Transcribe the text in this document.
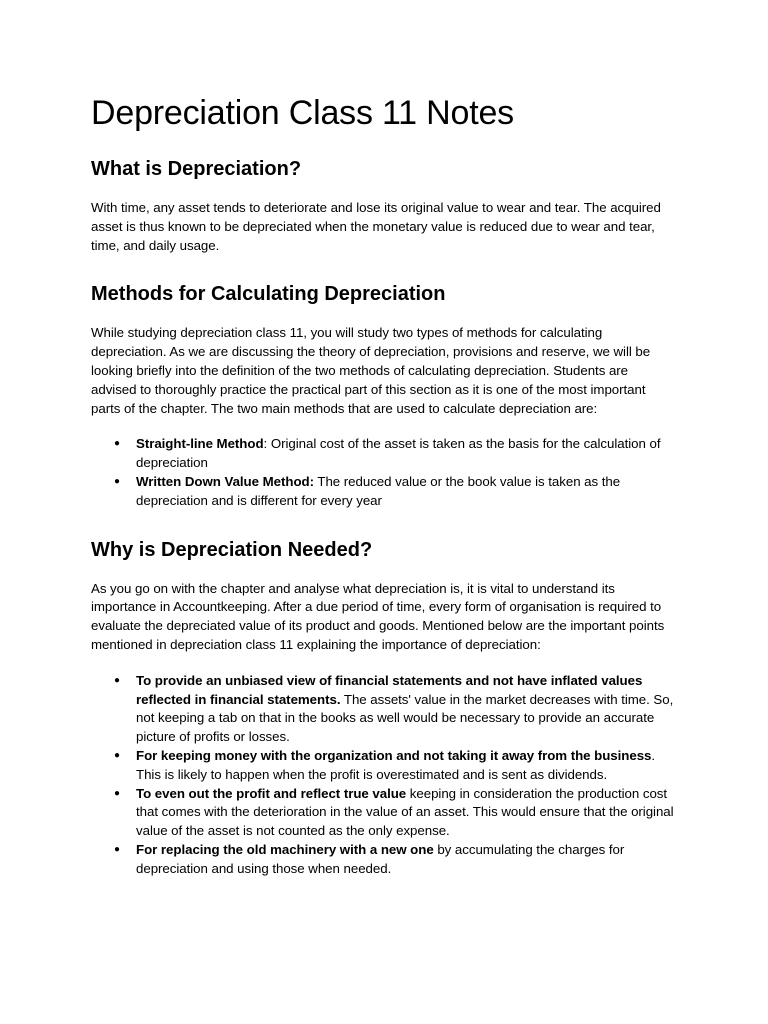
Depreciation Class 11 Notes
What is Depreciation?

With time, any asset tends to deteriorate and lose its original value to wear and tear. The acquired asset is thus known to be depreciated when the monetary value is reduced due to wear and tear, time, and daily usage.

Methods for Calculating Depreciation

While studying depreciation class 11, you will study two types of methods for calculating depreciation. As we are discussing the theory of depreciation, provisions and reserve, we will be looking briefly into the definition of the two methods of calculating depreciation. Students are advised to thoroughly practice the practical part of this section as it is one of the most important parts of the chapter. The two main methods that are used to calculate depreciation are:

● Straight-line Method: Original cost of the asset is taken as the basis for the calculation of depreciation
● Written Down Value Method: The reduced value or the book value is taken as the depreciation and is different for every year
Why is Depreciation Needed?

As you go on with the chapter and analyse what depreciation is, it is vital to understand its importance in Accountkeeping. After a due period of time, every form of organisation is required to evaluate the depreciated value of its product and goods. Mentioned below are the important points mentioned in depreciation class 11 explaining the importance of depreciation:

● To provide an unbiased view of financial statements and not have inflated values reflected in financial statements. The assets' value in the market decreases with time. So, not keeping a tab on that in the books as well would be necessary to provide an accurate picture of profits or losses.
● For keeping money with the organization and not taking it away from the business. This is likely to happen when the profit is overestimated and is sent as dividends.
● To even out the profit and reflect true value keeping in consideration the production cost that comes with the deterioration in the value of an asset. This would ensure that the original value of the asset is not counted as the only expense.
● For replacing the old machinery with a new one by accumulating the charges for depreciation and using those when needed.
